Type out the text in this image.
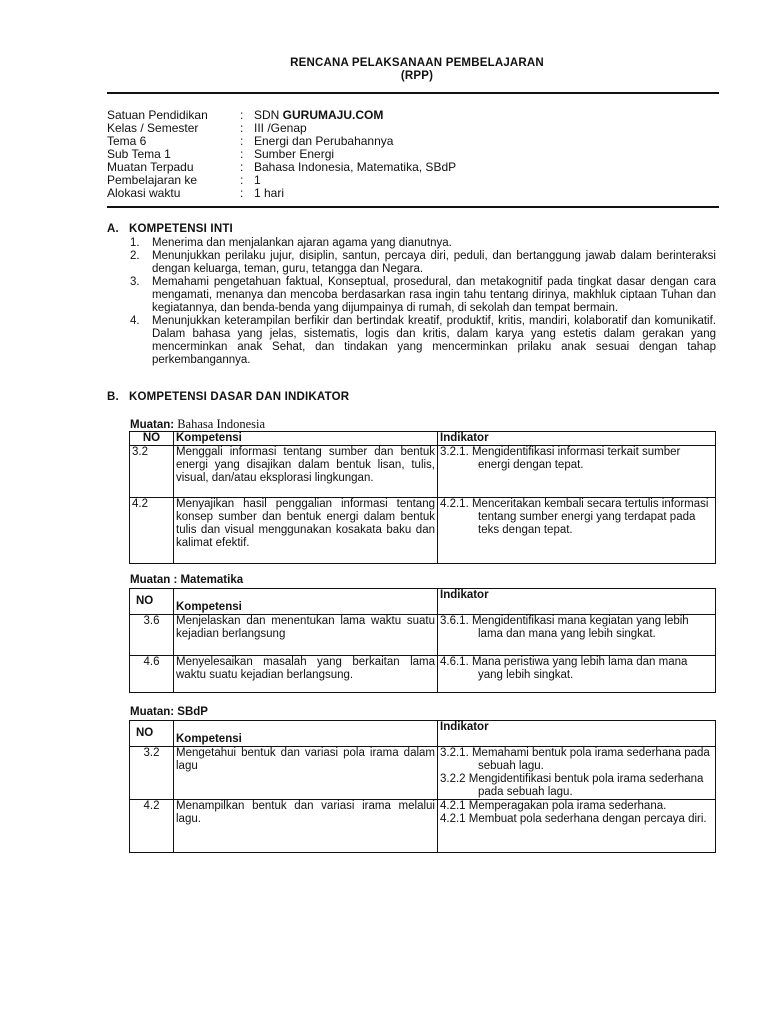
RENCANA PELAKSANAAN PEMBELAJARAN
(RPP)
Satuan Pendidikan	: SDN GURUMAJU.COM
Kelas / Semester	: III /Genap
Tema 6	: Energi dan Perubahannya
Sub Tema 1	: Sumber Energi
Muatan Terpadu	: Bahasa Indonesia, Matematika, SBdP
Pembelajaran ke	: 1
Alokasi waktu	: 1 hari
A. KOMPETENSI INTI
1.	Menerima dan menjalankan ajaran agama yang dianutnya.
2.	Menunjukkan perilaku jujur, disiplin, santun, percaya diri, peduli, dan bertanggung jawab dalam berinteraksi dengan keluarga, teman, guru, tetangga dan Negara.
3.	Memahami pengetahuan faktual, Konseptual, prosedural, dan metakognitif pada tingkat dasar dengan cara mengamati, menanya dan mencoba berdasarkan rasa ingin tahu tentang dirinya, makhluk ciptaan Tuhan dan kegiatannya, dan benda-benda yang dijumpainya di rumah, di sekolah dan tempat bermain.
4.	Menunjukkan keterampilan berfikir dan bertindak kreatif, produktif, kritis, mandiri, kolaboratif dan komunikatif. Dalam bahasa yang jelas, sistematis, logis dan kritis, dalam karya yang estetis dalam gerakan yang mencerminkan anak Sehat, dan tindakan yang mencerminkan prilaku anak sesuai dengan tahap perkembangannya.
B. KOMPETENSI DASAR DAN INDIKATOR
Muatan: Bahasa Indonesia
NO	Kompetensi	Indikator
3.2	Menggali informasi tentang sumber dan bentuk energi yang disajikan dalam bentuk lisan, tulis, visual, dan/atau eksplorasi lingkungan.	3.2.1. Mengidentifikasi informasi terkait sumber energi dengan tepat.

4.2	Menyajikan hasil penggalian informasi tentang konsep sumber dan bentuk energi dalam bentuk tulis dan visual menggunakan kosakata baku dan kalimat efektif.	4.2.1. Menceritakan kembali secara tertulis informasi tentang sumber energi yang terdapat pada teks dengan tepat.
Muatan : Matematika
NO	Kompetensi	Indikator
3.6	Menjelaskan dan menentukan lama waktu suatu kejadian berlangsung	3.6.1. Mengidentifikasi mana kegiatan yang lebih lama dan mana yang lebih singkat.

4.6	Menyelesaikan masalah yang berkaitan lama waktu suatu kejadian berlangsung.	4.6.1. Mana peristiwa yang lebih lama dan mana yang lebih singkat.
Muatan: SBdP
NO	Kompetensi	Indikator
3.2	Mengetahui bentuk dan variasi pola irama dalam lagu	3.2.1. Memahami bentuk pola irama sederhana pada sebuah lagu.
3.2.2 Mengidentifikasi bentuk pola irama sederhana pada sebuah lagu.

4.2	Menampilkan bentuk dan variasi irama melalui lagu.	4.2.1 Memperagakan pola irama sederhana.
4.2.1 Membuat pola sederhana dengan percaya diri.
